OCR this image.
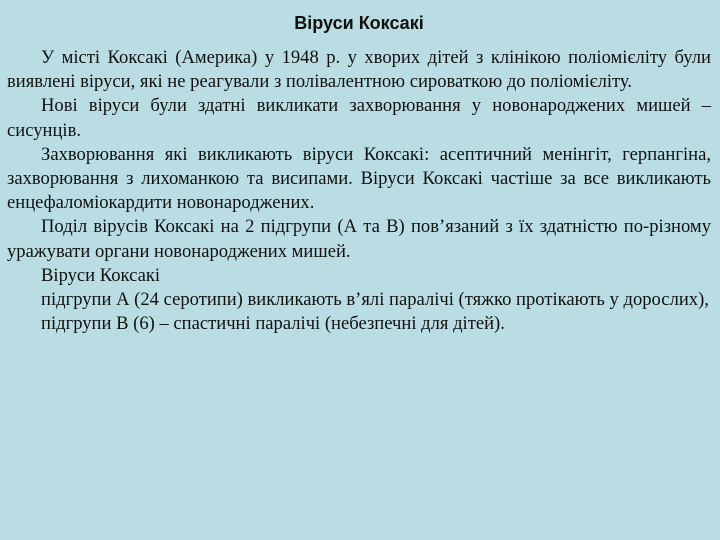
Віруси Коксакі

У місті Коксакі (Америка) у 1948 р. у хворих дітей з клінікою поліомієліту були виявлені віруси, які не реагували з полівалентною сироваткою до поліомієліту.

Нові віруси були здатні викликати захворювання у новонароджених мишей – сисунців.

Захворювання які викликають віруси Коксакі: асептичний менінгіт, герпангіна, захворювання з лихоманкою та висипами. Віруси Коксакі частіше за все викликають енцефаломіокардити новонароджених.

Поділ вірусів Коксакі на 2 підгрупи (А та В) пов’язаний з їх здатністю по-різному уражувати органи новонароджених мишей.

Віруси Коксакі

підгрупи А (24 серотипи) викликають в’ялі паралічі (тяжко протікають у дорослих),

підгрупи В (6) – спастичні паралічі (небезпечні для дітей).
